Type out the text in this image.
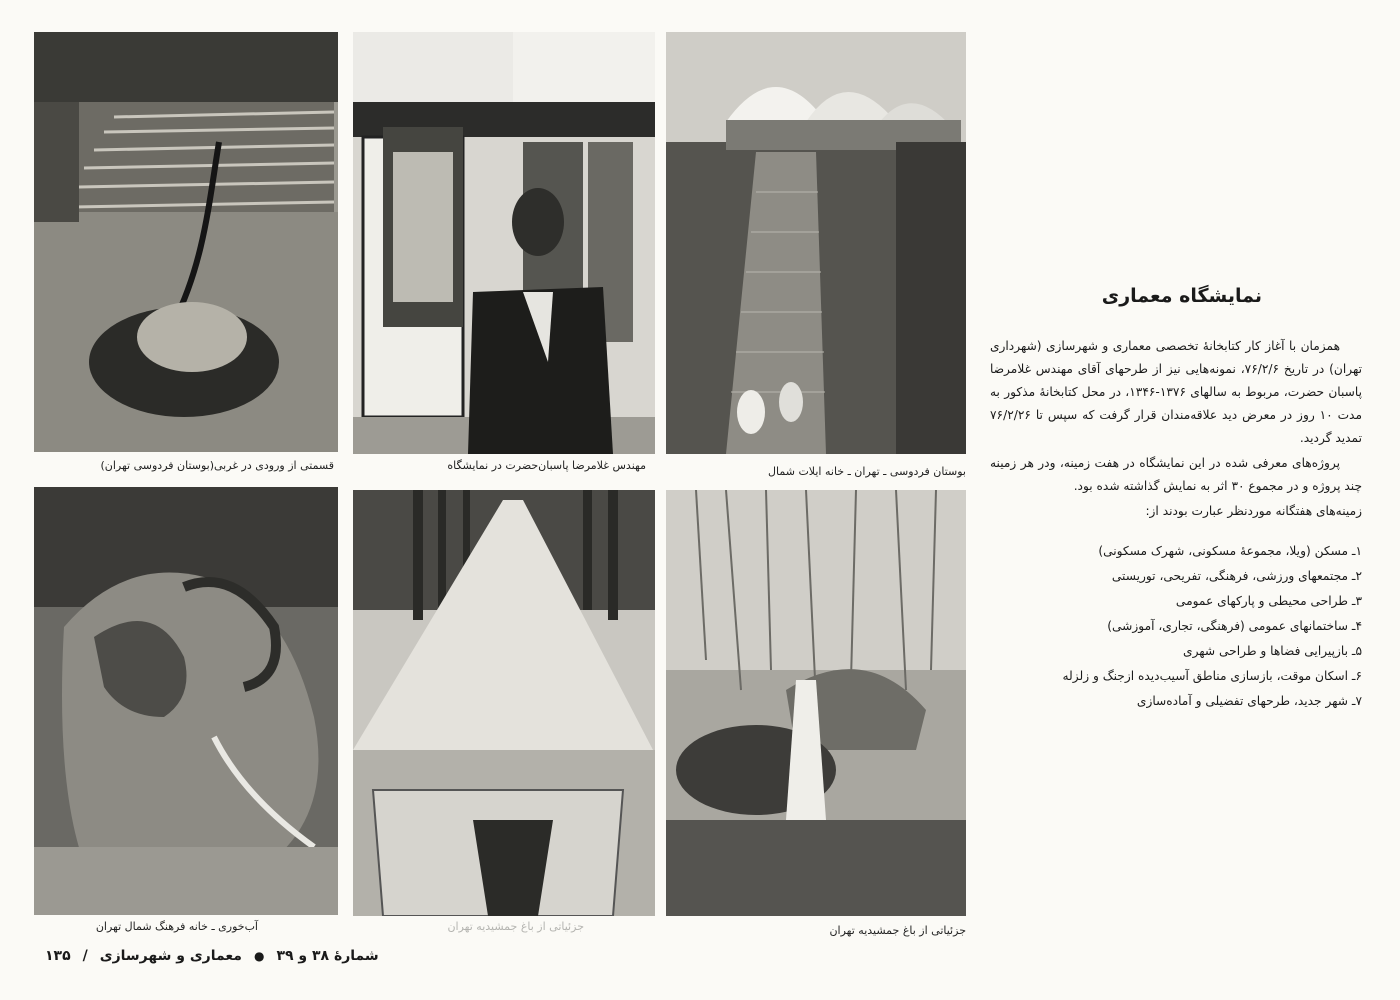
قسمتی از ورودی در غربی(بوستان فردوسی تهران)	مهندس غلامرضا پاسبان‌حضرت در نمایشگاه	بوستان فردوسی ـ تهران ـ خانه ایلات شمال
آب‌خوری ـ خانه فرهنگ شمال تهران	جزئیاتی از باغ جمشیدیه تهران	جزئیاتی از باغ جمشیدیه تهران
نمایشگاه معماری

همزمان با آغاز کار کتابخانهٔ تخصصی معماری و شهرسازی (شهرداری تهران) در تاریخ ۷۶/۲/۶، نمونه‌هایی نیز از طرحهای آقای مهندس غلامرضا پاسبان حضرت، مربوط به سالهای ۱۳۷۶-۱۳۴۶، در محل کتابخانهٔ مذکور به مدت ۱۰ روز در معرض دید علاقه‌مندان قرار گرفت که سپس تا ۷۶/۲/۲۶ تمدید گردید.

پروژه‌های معرفی شده در این نمایشگاه در هفت زمینه، ودر هر زمینه چند پروژه و در مجموع ۳۰ اثر به نمایش گذاشته شده بود.

زمینه‌های هفتگانه موردنظر عبارت بودند از:

۱ـ مسکن (ویلا، مجموعهٔ مسکونی، شهرک مسکونی)
۲ـ مجتمعهای ورزشی، فرهنگی، تفریحی، توریستی
۳ـ طراحی محیطی و پارکهای عمومی
۴ـ ساختمانهای عمومی (فرهنگی، تجاری، آموزشی)
۵ـ بازپیرایی فضاها و طراحی شهری
۶ـ اسکان موقت، بازسازی مناطق آسیب‌دیده ازجنگ و زلزله
۷ـ شهر جدید، طرحهای تفضیلی و آماده‌سازی
شمارهٔ ۳۸ و ۳۹
●
معماری و شهرسازی
/
۱۳۵
